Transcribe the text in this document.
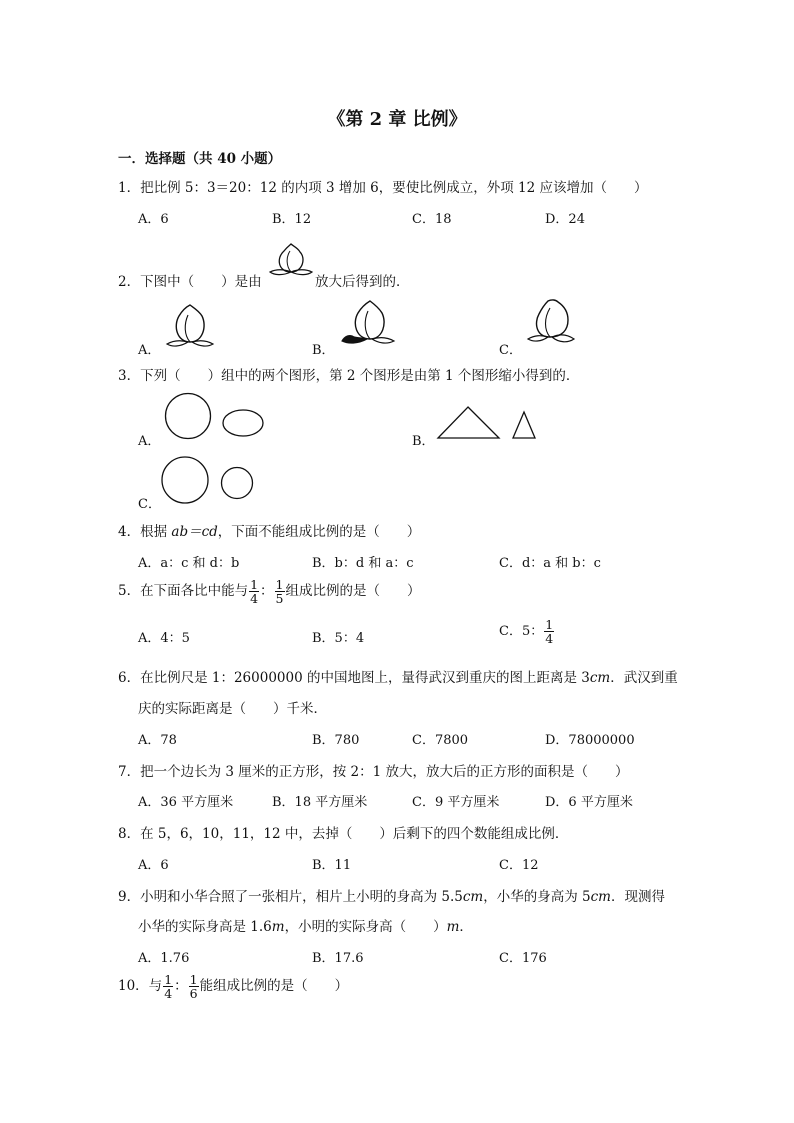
《第 2 章 比例》
一．选择题（共 40 小题）
1．把比例 5：3＝20：12 的内项 3 增加 6，要使比例成立，外项 12 应该增加（　　）
A．6	B．12	C．18	D．24
2．下图中（　　）是由	放大后得到的．
A．	B．	C．
3．下列（　　）组中的两个图形，第 2 个图形是由第 1 个图形缩小得到的．
A．	B．
C．
4．根据 ab＝cd，下面不能组成比例的是（　　）
A．a：c 和 d：b	B．b：d 和 a：c	C．d：a 和 b：c
5．在下面各比中能与 $\frac{1}{4}$ ： $\frac{1}{5}$ 组成比例的是（　　）
A．4：5	B．5：4	C．5： $\frac{1}{4}$
6．在比例尺是 1：26000000 的中国地图上，量得武汉到重庆的图上距离是 3cm．武汉到重
庆的实际距离是（　　）千米．
A．78	B．780	C．7800	D．78000000
7．把一个边长为 3 厘米的正方形，按 2：1 放大，放大后的正方形的面积是（　　）
A．36 平方厘米	B．18 平方厘米	C．9 平方厘米	D．6 平方厘米
8．在 5，6，10，11，12 中，去掉（　　）后剩下的四个数能组成比例．
A．6	B．11	C．12
9．小明和小华合照了一张相片，相片上小明的身高为 5.5cm，小华的身高为 5cm．现测得
小华的实际身高是 1.6m，小明的实际身高（　　）m．
A．1.76	B．17.6	C．176
10．与 $\frac{1}{4}$ ： $\frac{1}{6}$ 能组成比例的是（　　）
